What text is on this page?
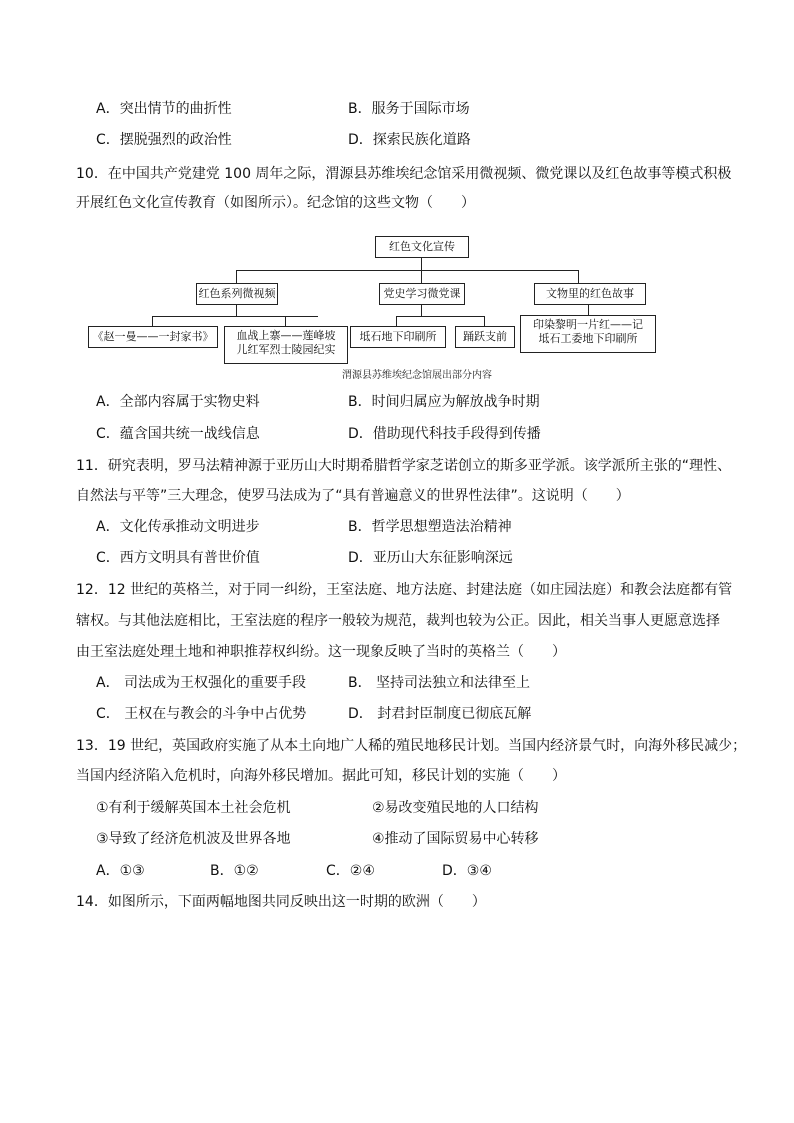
A．突出情节的曲折性	B．服务于国际市场
C．摆脱强烈的政治性	D．探索民族化道路
10．在中国共产党建党 100 周年之际，渭源县苏维埃纪念馆采用微视频、微党课以及红色故事等模式积极
开展红色文化宣传教育（如图所示）。纪念馆的这些文物（　　）
红色文化宣传
红色系列微视频	党史学习微党课	文物里的红色故事
《赵一曼——一封家书》	血战上寨——莲峰坡
儿红军烈士陵园纪实
坻石地下印刷所	踊跃支前
印染黎明一片红——记
坻石工委地下印刷所
渭源县苏维埃纪念馆展出部分内容
A．全部内容属于实物史料	B．时间归属应为解放战争时期
C．蕴含国共统一战线信息	D．借助现代科技手段得到传播
11．研究表明，罗马法精神源于亚历山大时期希腊哲学家芝诺创立的斯多亚学派。该学派所主张的“理性、
自然法与平等”三大理念，使罗马法成为了“具有普遍意义的世界性法律”。这说明（　　）
A．文化传承推动文明进步	B．哲学思想塑造法治精神
C．西方文明具有普世价值	D．亚历山大东征影响深远
12．12 世纪的英格兰，对于同一纠纷，王室法庭、地方法庭、封建法庭（如庄园法庭）和教会法庭都有管
辖权。与其他法庭相比，王室法庭的程序一般较为规范，裁判也较为公正。因此，相关当事人更愿意选择
由王室法庭处理土地和神职推荐权纠纷。这一现象反映了当时的英格兰（　　）
A． 司法成为王权强化的重要手段	B． 坚持司法独立和法律至上
C． 王权在与教会的斗争中占优势	D． 封君封臣制度已彻底瓦解
13．19 世纪，英国政府实施了从本土向地广人稀的殖民地移民计划。当国内经济景气时，向海外移民减少；
当国内经济陷入危机时，向海外移民增加。据此可知，移民计划的实施（　　）
①有利于缓解英国本土社会危机	②易改变殖民地的人口结构
③导致了经济危机波及世界各地	④推动了国际贸易中心转移
A．①③	B．①②	C．②④	D．③④
14．如图所示，下面两幅地图共同反映出这一时期的欧洲（　　）
